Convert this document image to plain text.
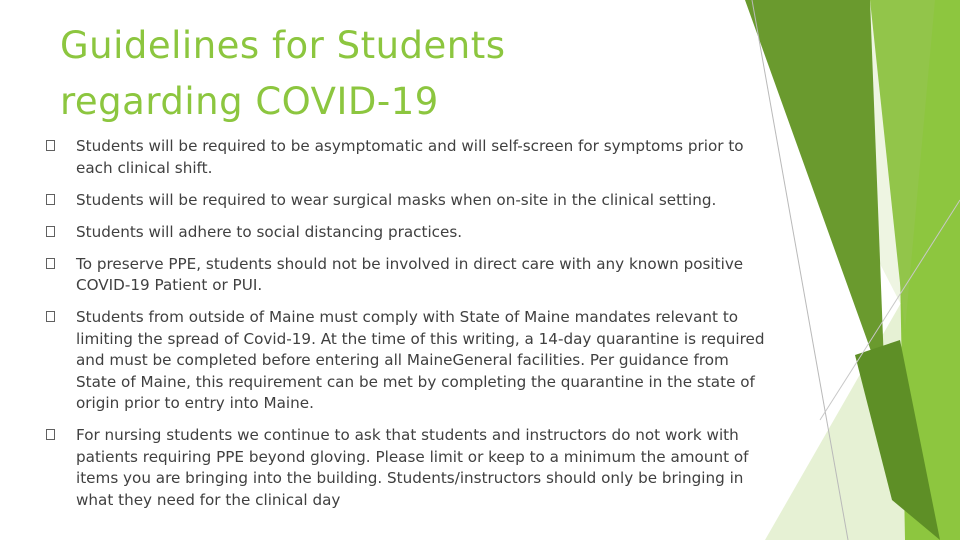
Guidelines for Students
regarding COVID-19
Students will be required to be asymptomatic and will self-screen for symptoms prior to each clinical shift.
Students will be required to wear surgical masks when on-site in the clinical setting.
Students will adhere to social distancing practices.
To preserve PPE, students should not be involved in direct care with any known positive COVID-19 Patient or PUI.
Students from outside of Maine must comply with State of Maine mandates relevant to limiting the spread of Covid-19. At the time of this writing, a 14-day quarantine is required and must be completed before entering all MaineGeneral facilities. Per guidance from State of Maine, this requirement can be met by completing the quarantine in the state of origin prior to entry into Maine.
For nursing students we continue to ask that students and instructors do not work with patients requiring PPE beyond gloving. Please limit or keep to a minimum the amount of items you are bringing into the building. Students/instructors should only be bringing in what they need for the clinical day
